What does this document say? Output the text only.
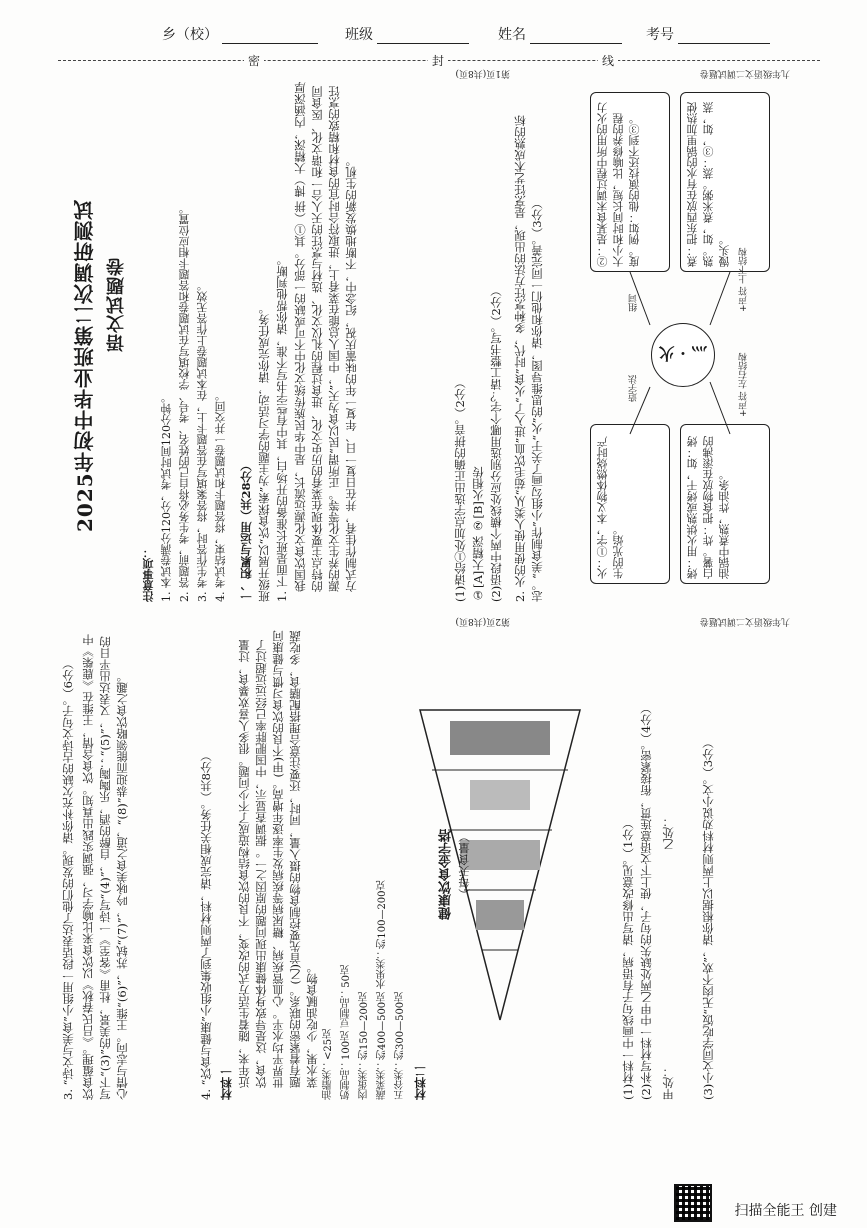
乡（校）	班级	姓名	考号
密	封	线
2025年初中毕业班第二次调研测试 语文试题卷
注意事项： 1. 本试卷满分120分，考试时间120分钟。 2. 答题前，考生务必将自己的姓名、考号、学校填写在试题卷和答题卡相应位置。 3. 考生作答时，将答案填写在答题卡上，在本试题卷上作答无效。 4. 考试结束，将答题卡和试题卷一并交回。 一、积累与运用（共28分） 班级开展以“饮食探索”为主题的学习活动，请你完成任务。 1. 下面是班长准备的开场白，其中有些字书写不准，请你帮他判断。 我国饮食文化源远流长，是中华民族传统文化中不可或缺的一部分。其①（拼 博）大精深，内涵深厚的特点主要体现在菜肴的历史文化、进食过程的礼仪文化、选材与烹饪的天人合一和谐文化、医食同源的养生文化等等。正所谓“民以食为天”，中国人总能在菜肴上，进取符合时宜的食材和精致的烹饪方式制作佳肴，并在日复一日、年复一年的味蕾庆祝，纪念中，不断地焕发新的生机。	(1)请给①处加点字选出正确的拼音。（2分） ①[A]大精深 ②[B]火相传 (2)语段中两个横线处应分别选用哪个字？请工整书写。（2分） 2. 火的使用使人类从“茹毛饮血”进入了“火食”时代，多种烹饪方法的出现，是烹饪艺术成熟的标志。“美食制作”小组勾画了关于“火”的思维导图，请你和他们一同完善。（3分）	灬 · 火
火：①字，本义物体燃烧时产生的光焰。	烤：用火烘熟或烤干，如：烤白薯。炸：把食物放在滚沸的油锅中煮熟，炸油条。
②：是某食末调过程中所用的火力大小和时间长短，比喻修养的程度。例如：他的演技还不到③。	煮：把东西放在有水的锅里加热使熟。如，煮米粥。蒸：③，如，蒸馒头。
造字法
组词
+声符 左右结构
+声符 上下结构
九年级语文二调试题卷
第1页(共8页)
3. “诗文与美食”小组用一段话表达了他们的发现。请你补充欠缺的古诗文句子。（6分） 饮食蕴理。《吕氏春秋》以饮食来比喻学习，强调实践出真知。饮食含情，王维在《鹿柴》中写下“(3)”的美景，杜甫《客至》一诗写“(4)”，自醉的酒，乐陶陶；“(5)”，又表达出平日的心情与志向。王维“(6)”，苏轼“(7)”，吟咏美食之道，“(8)”恭迎而能领略饮食之趣。	4. “饮食与健康”小组收集到了两则材料，请完成相关任务。（共8分） 材料一 近年来，随着生活方式的改变，不良的饮食结构造成了不少问题。很多人喜欢暴食，过量饮食，这是导致身体健康出现问题的原因之一。据调查显示，中国肥胖率已经远远超过了世界平均水平。心血管疾病、糖尿病等疾病发生率逐年增高。(甲)不良的饮食习惯与健康问题有着紧密的联系。(乙)首先要控制食物的摄入量，同时，还要注意合理搭配膳食，多吃蔬菜水果，少吃油腻食物。	材料二
健康饮食金字塔 （每天食量）
油脂类：<25克 奶制品：100克 豆制品：50克 肉蛋类：约150—200克 蔬菜类：约400—500克 水果类：约100—200克 五谷类：约300—500克	(1)材料一中画线句子有语病，请写出修改意见。（1分） (2)补写材料一中甲乙两处缺失的句子，使上下文语意连贯，衔接紧密。（4分） 甲处：
乙处： (3)小文同学吃饭“无肉不欢”，请你根据以上两则材料劝说小文。（3分）
九年级语文二调试题卷
第2页(共8页)
扫描全能王 创建
